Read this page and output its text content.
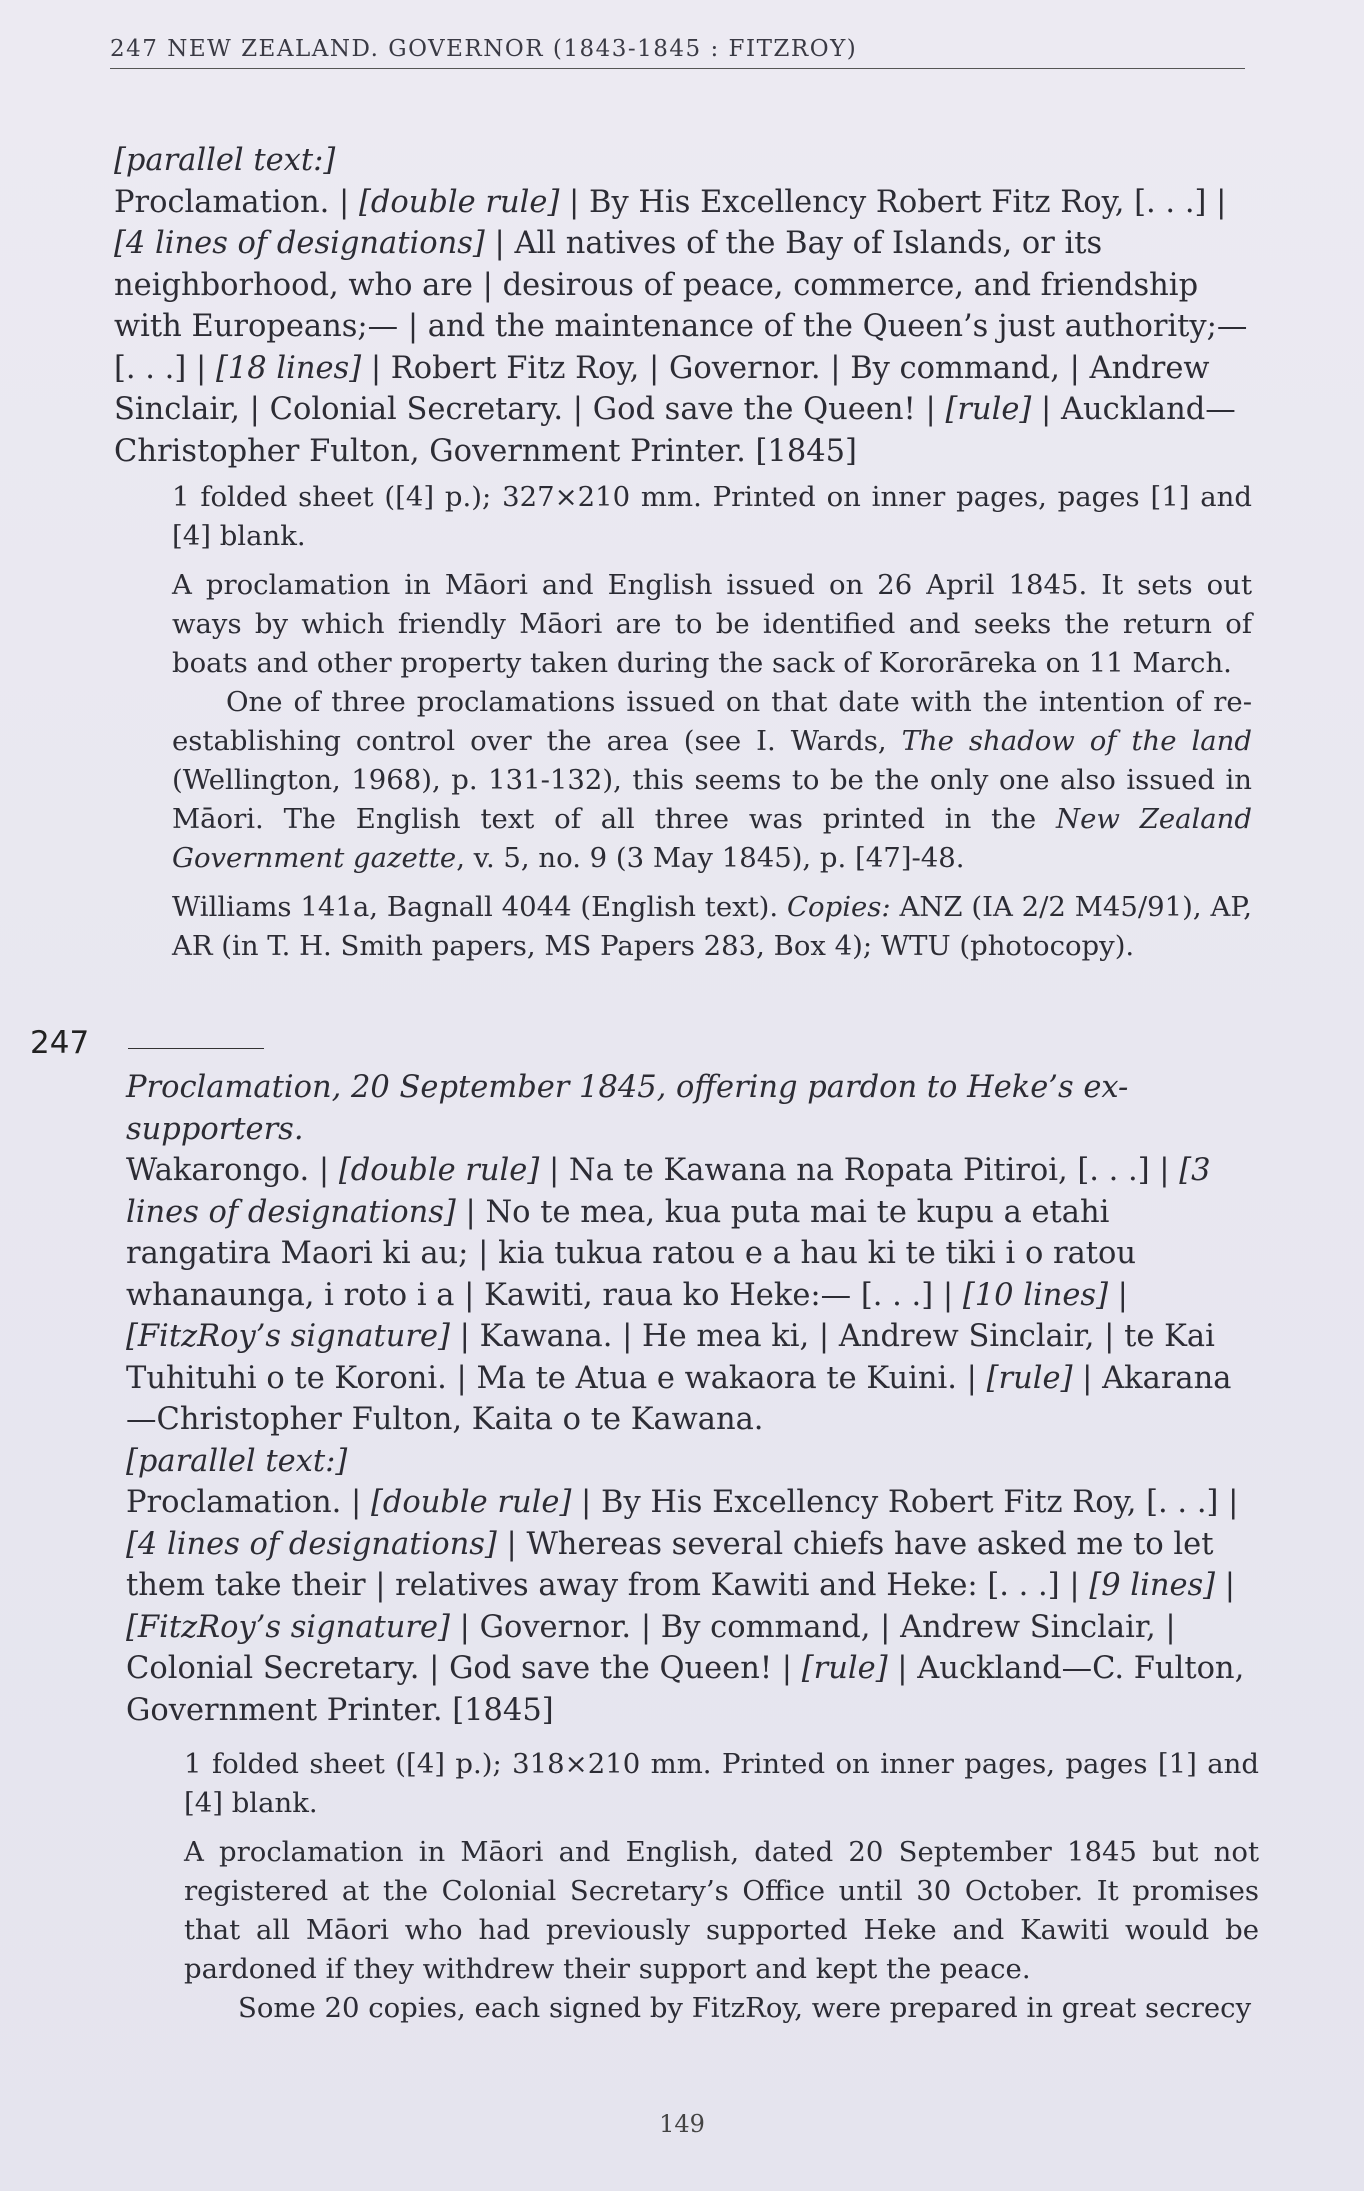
247 NEW ZEALAND. GOVERNOR (1843-1845 : FITZROY)
[parallel text:]
Proclamation. | [double rule] | By His Excellency Robert Fitz Roy, [. . .] | [4 lines of designations] | All natives of the Bay of Islands, or its neighborhood, who are | desirous of peace, commerce, and friendship with Europeans;— | and the maintenance of the Queen’s just authority;— [. . .] | [18 lines] | Robert Fitz Roy, | Governor. | By command, | Andrew Sinclair, | Colonial Secretary. | God save the Queen! | [rule] | Auckland—Christopher Fulton, Government Printer. [1845]

1 folded sheet ([4] p.); 327×210 mm. Printed on inner pages, pages [1] and [4] blank.

A proclamation in Māori and English issued on 26 April 1845. It sets out ways by which friendly Māori are to be identified and seeks the return of boats and other property taken during the sack of Kororāreka on 11 March.

One of three proclamations issued on that date with the intention of re-establishing control over the area (see I. Wards, The shadow of the land (Wellington, 1968), p. 131-132), this seems to be the only one also issued in Māori. The English text of all three was printed in the New Zealand Government gazette, v. 5, no. 9 (3 May 1845), p. [47]-48.

Williams 141a, Bagnall 4044 (English text). Copies: ANZ (IA 2/2 M45/91), AP, AR (in T. H. Smith papers, MS Papers 283, Box 4); WTU (photocopy).

247
Proclamation, 20 September 1845, offering pardon to Heke’s ex-supporters.
Wakarongo. | [double rule] | Na te Kawana na Ropata Pitiroi, [. . .] | [3 lines of designations] | No te mea, kua puta mai te kupu a etahi rangatira Maori ki au; | kia tukua ratou e a hau ki te tiki i o ratou whanaunga, i roto i a | Kawiti, raua ko Heke:— [. . .] | [10 lines] | [FitzRoy’s signature] | Kawana. | He mea ki, | Andrew Sinclair, | te Kai Tuhituhi o te Koroni. | Ma te Atua e wakaora te Kuini. | [rule] | Akarana—Christopher Fulton, Kaita o te Kawana.
[parallel text:]
Proclamation. | [double rule] | By His Excellency Robert Fitz Roy, [. . .] | [4 lines of designations] | Whereas several chiefs have asked me to let them take their | relatives away from Kawiti and Heke: [. . .] | [9 lines] | [FitzRoy’s signature] | Governor. | By command, | Andrew Sinclair, | Colonial Secretary. | God save the Queen! | [rule] | Auckland—C. Fulton, Government Printer. [1845]

1 folded sheet ([4] p.); 318×210 mm. Printed on inner pages, pages [1] and [4] blank.

A proclamation in Māori and English, dated 20 September 1845 but not registered at the Colonial Secretary’s Office until 30 October. It promises that all Māori who had previously supported Heke and Kawiti would be pardoned if they withdrew their support and kept the peace.

Some 20 copies, each signed by FitzRoy, were prepared in great secrecy

149
